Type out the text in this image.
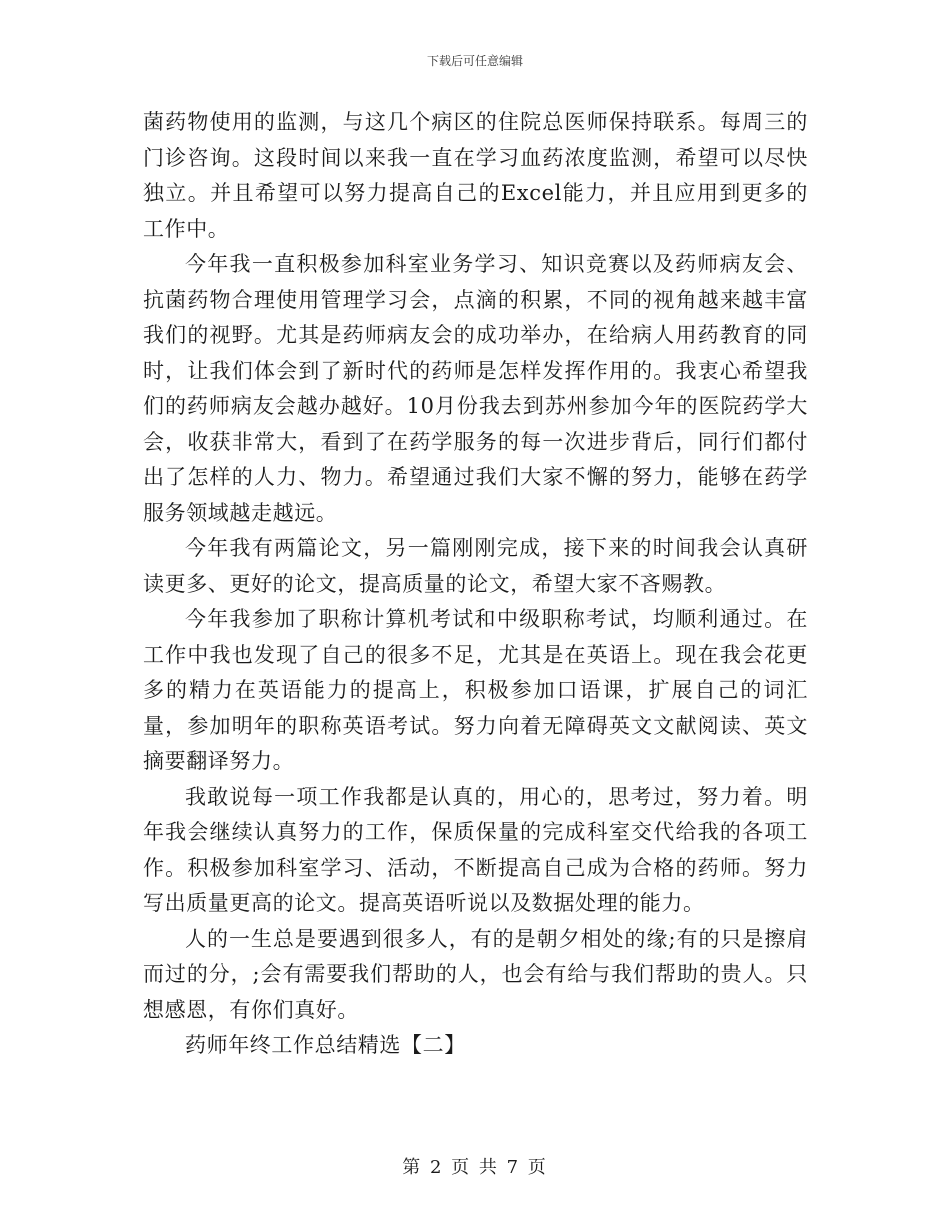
下载后可任意编辑

菌药物使用的监测，与这几个病区的住院总医师保持联系。每周三的门诊咨询。这段时间以来我一直在学习血药浓度监测，希望可以尽快独立。并且希望可以努力提高自己的Excel能力，并且应用到更多的工作中。

今年我一直积极参加科室业务学习、知识竞赛以及药师病友会、抗菌药物合理使用管理学习会，点滴的积累，不同的视角越来越丰富我们的视野。尤其是药师病友会的成功举办，在给病人用药教育的同时，让我们体会到了新时代的药师是怎样发挥作用的。我衷心希望我们的药师病友会越办越好。10月份我去到苏州参加今年的医院药学大会，收获非常大，看到了在药学服务的每一次进步背后，同行们都付出了怎样的人力、物力。希望通过我们大家不懈的努力，能够在药学服务领域越走越远。

今年我有两篇论文，另一篇刚刚完成，接下来的时间我会认真研读更多、更好的论文，提高质量的论文，希望大家不吝赐教。

今年我参加了职称计算机考试和中级职称考试，均顺利通过。在工作中我也发现了自己的很多不足，尤其是在英语上。现在我会花更多的精力在英语能力的提高上，积极参加口语课，扩展自己的词汇量，参加明年的职称英语考试。努力向着无障碍英文文献阅读、英文摘要翻译努力。

我敢说每一项工作我都是认真的，用心的，思考过，努力着。明年我会继续认真努力的工作，保质保量的完成科室交代给我的各项工作。积极参加科室学习、活动，不断提高自己成为合格的药师。努力写出质量更高的论文。提高英语听说以及数据处理的能力。

人的一生总是要遇到很多人，有的是朝夕相处的缘;有的只是擦肩而过的分，;会有需要我们帮助的人，也会有给与我们帮助的贵人。只想感恩，有你们真好。

药师年终工作总结精选【二】

第 2 页 共 7 页
